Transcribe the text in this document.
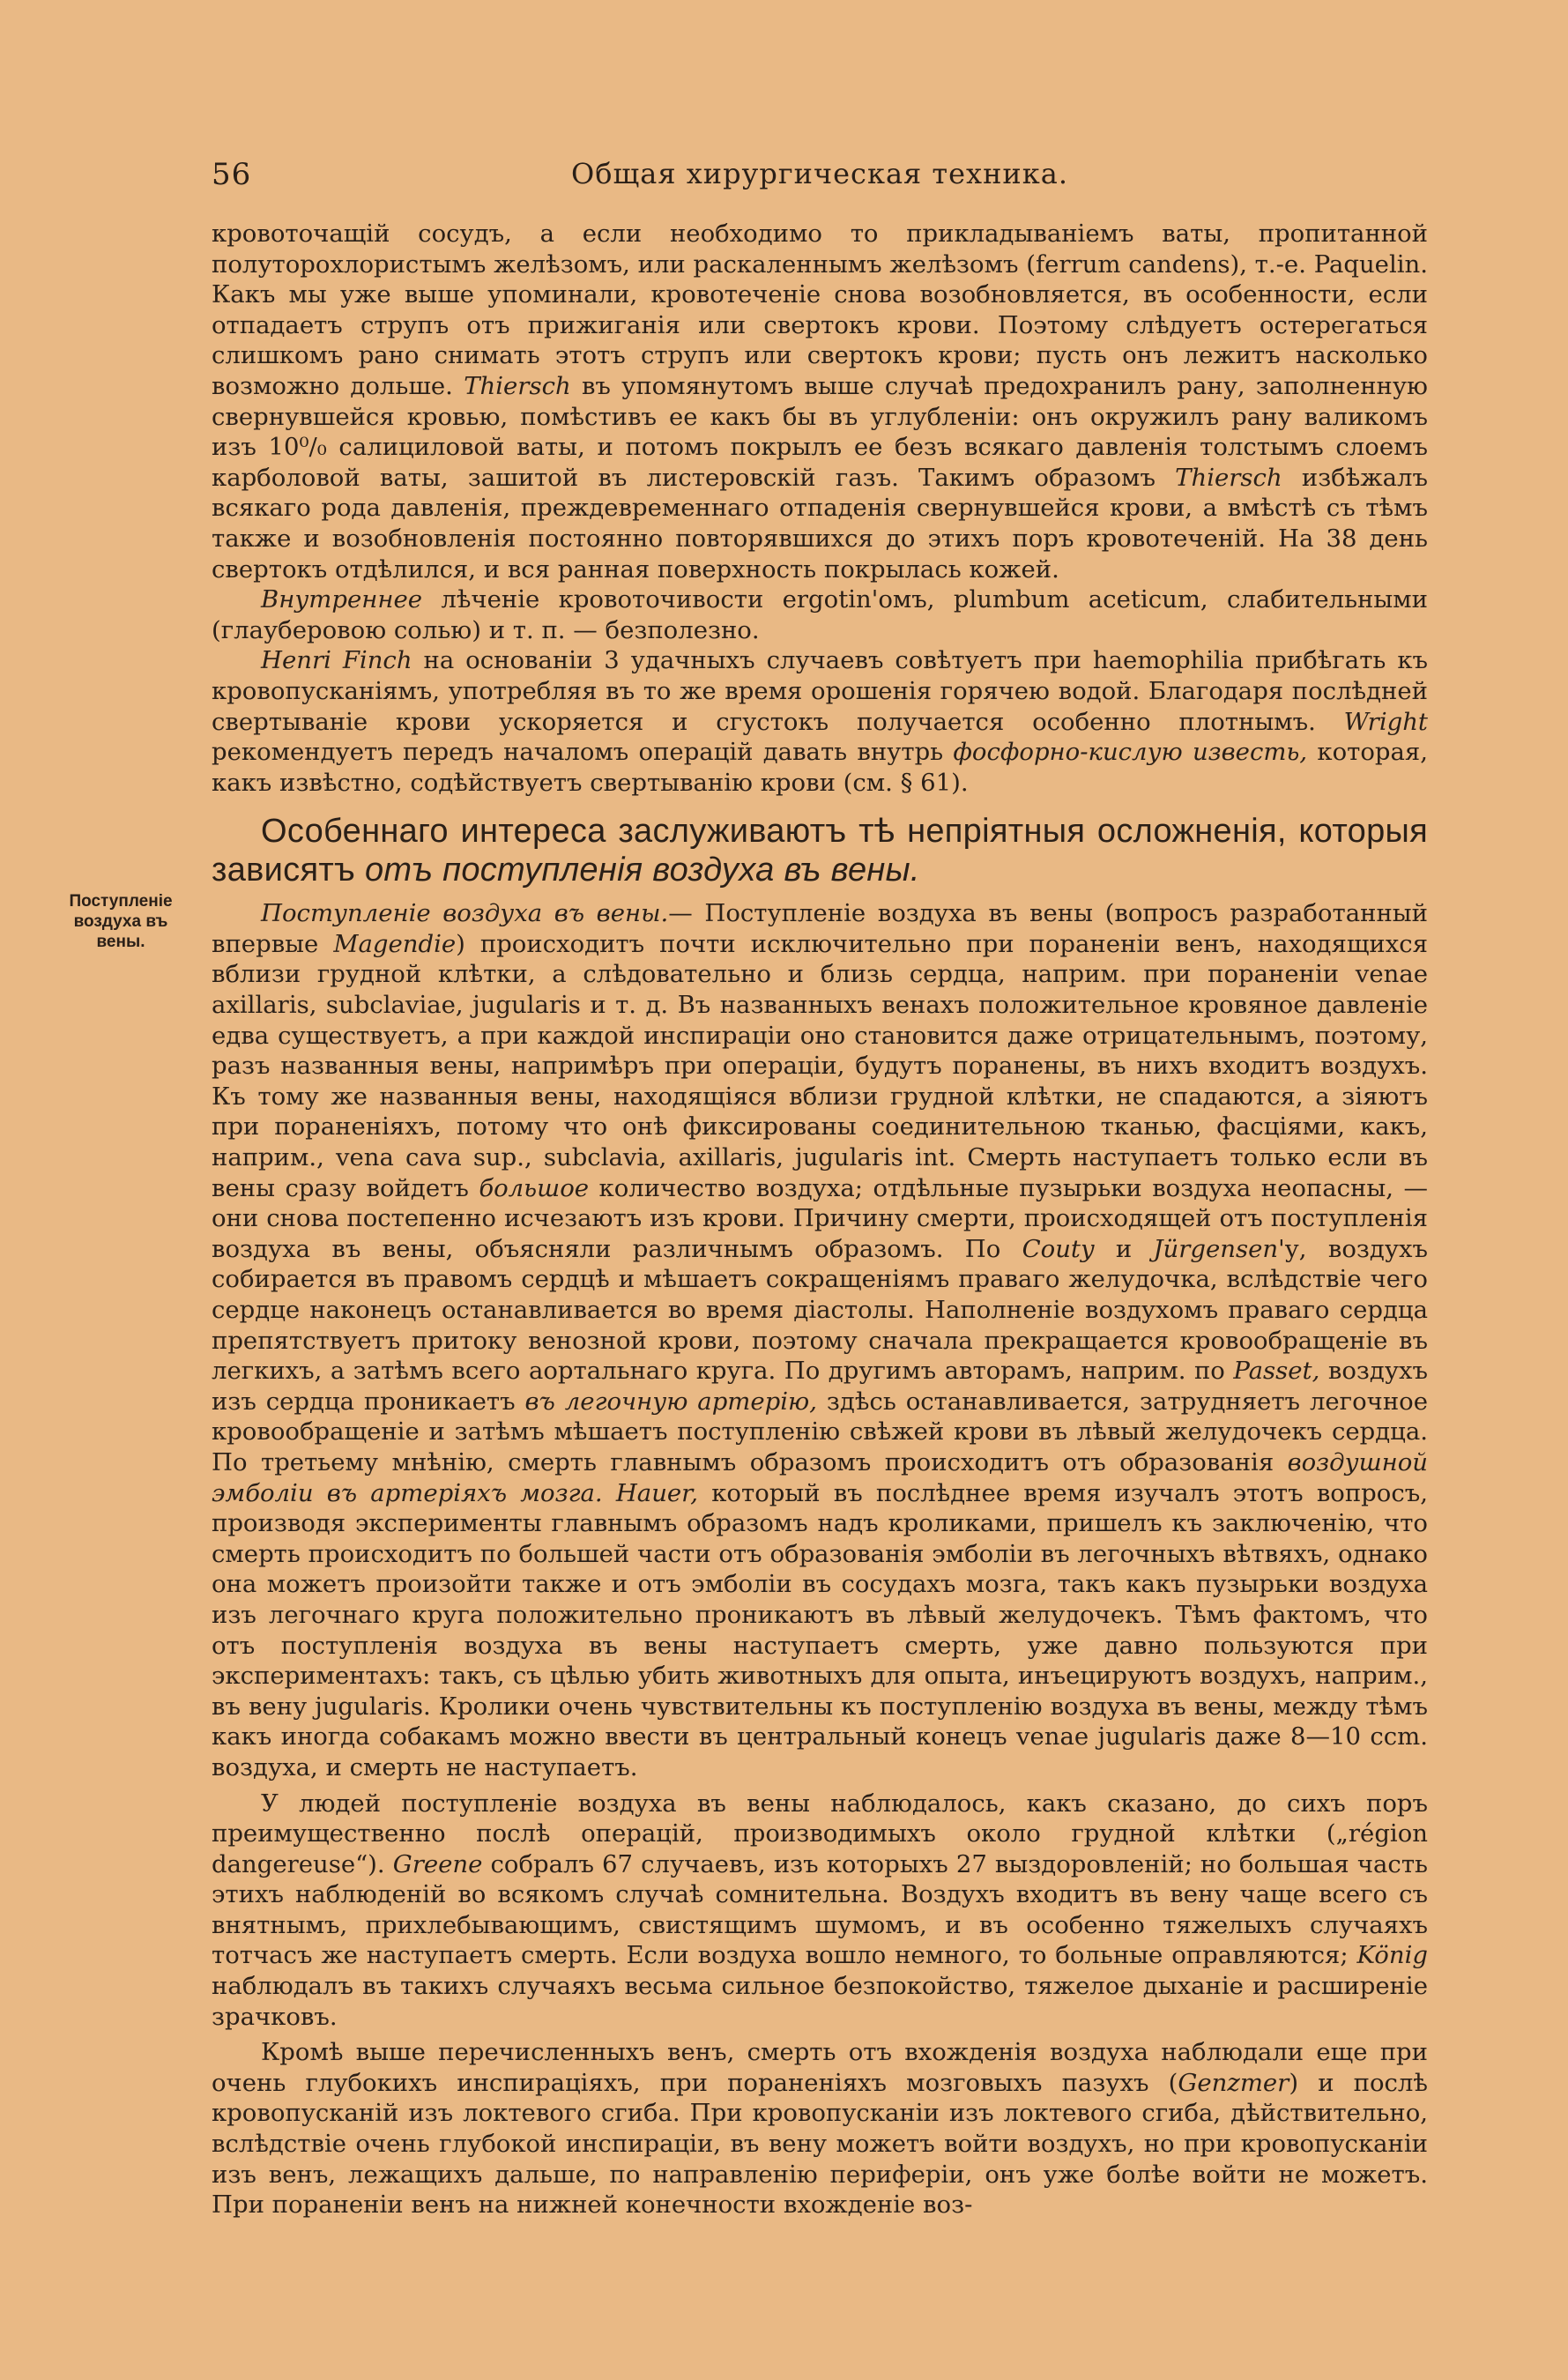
56	Общая хирургическая техника.
Поступленіе воздуха въ вены.

кровоточащій сосудъ, а если необходимо то прикладываніемъ ваты, пропитанной полуторохлористымъ желѣзомъ, или раскаленнымъ желѣзомъ (ferrum candens), т.-е. Paquelin. Какъ мы уже выше упоминали, кровотеченіе снова возобновляется, въ особенности, если отпадаетъ струпъ отъ прижиганія или свертокъ крови. Поэтому слѣдуетъ остерегаться слишкомъ рано снимать этотъ струпъ или свертокъ крови; пусть онъ лежитъ насколько возможно дольше. Thiersch въ упомянутомъ выше случаѣ предохранилъ рану, заполненную свернувшейся кровью, помѣстивъ ее какъ бы въ углубленіи: онъ окружилъ рану валикомъ изъ 10⁰/₀ салициловой ваты, и потомъ покрылъ ее безъ всякаго давленія толстымъ слоемъ карболовой ваты, зашитой въ листеровскій газъ. Такимъ образомъ Thiersch избѣжалъ всякаго рода давленія, преждевременнаго отпаденія свернувшейся крови, а вмѣстѣ съ тѣмъ также и возобновленія постоянно повторявшихся до этихъ поръ кровотеченій. На 38 день свертокъ отдѣлился, и вся ранная поверхность покрылась кожей.

Внутреннее лѣченіе кровоточивости ergotin'омъ, plumbum aceticum, слабительными (глауберовою солью) и т. п. — безполезно.

Henri Finch на основаніи 3 удачныхъ случаевъ совѣтуетъ при haemophilia прибѣгать къ кровопусканіямъ, употребляя въ то же время орошенія горячею водой. Благодаря послѣдней свертываніе крови ускоряется и сгустокъ получается особенно плотнымъ. Wright рекомендуетъ передъ началомъ операцій давать внутрь фосфорно-кислую известь, которая, какъ извѣстно, содѣйствуетъ свертыванію крови (см. § 61).

Особеннаго интереса заслуживаютъ тѣ непріятныя осложненія, которыя зависятъ отъ поступленія воздуха въ вены.

Поступленіе воздуха въ вены.— Поступленіе воздуха въ вены (вопросъ разработанный впервые Magendie) происходитъ почти исключительно при пораненіи венъ, находящихся вблизи грудной клѣтки, а слѣдовательно и близь сердца, наприм. при пораненіи venae axillaris, subclaviae, jugularis и т. д. Въ названныхъ венахъ положительное кровяное давленіе едва существуетъ, а при каждой инспираціи оно становится даже отрицательнымъ, поэтому, разъ названныя вены, напримѣръ при операціи, будутъ поранены, въ нихъ входитъ воздухъ. Къ тому же названныя вены, находящіяся вблизи грудной клѣтки, не спадаются, а зіяютъ при пораненіяхъ, потому что онѣ фиксированы соединительною тканью, фасціями, какъ, наприм., vena cava sup., subclavia, axillaris, jugularis int. Смерть наступаетъ только если въ вены сразу войдетъ большое количество воздуха; отдѣльные пузырьки воздуха неопасны, — они снова постепенно исчезаютъ изъ крови. Причину смерти, происходящей отъ поступленія воздуха въ вены, объясняли различнымъ образомъ. По Couty и Jürgensen'у, воздухъ собирается въ правомъ сердцѣ и мѣшаетъ сокращеніямъ праваго желудочка, вслѣдствіе чего сердце наконецъ останавливается во время діастолы. Наполненіе воздухомъ праваго сердца препятствуетъ притоку венозной крови, поэтому сначала прекращается кровообращеніе въ легкихъ, а затѣмъ всего аортальнаго круга. По другимъ авторамъ, наприм. по Passet, воздухъ изъ сердца проникаетъ въ легочную артерію, здѣсь останавливается, затрудняетъ легочное кровообращеніе и затѣмъ мѣшаетъ поступленію свѣжей крови въ лѣвый желудочекъ сердца. По третьему мнѣнію, смерть главнымъ образомъ происходитъ отъ образованія воздушной эмболіи въ артеріяхъ мозга. Hauer, который въ послѣднее время изучалъ этотъ вопросъ, производя эксперименты главнымъ образомъ надъ кроликами, пришелъ къ заключенію, что смерть происходитъ по большей части отъ образованія эмболіи въ легочныхъ вѣтвяхъ, однако она можетъ произойти также и отъ эмболіи въ сосудахъ мозга, такъ какъ пузырьки воздуха изъ легочнаго круга положительно проникаютъ въ лѣвый желудочекъ. Тѣмъ фактомъ, что отъ поступленія воздуха въ вены наступаетъ смерть, уже давно пользуются при экспериментахъ: такъ, съ цѣлью убить животныхъ для опыта, инъецируютъ воздухъ, наприм., въ вену jugularis. Кролики очень чувствительны къ поступленію воздуха въ вены, между тѣмъ какъ иногда собакамъ можно ввести въ центральный конецъ venae jugularis даже 8—10 ccm. воздуха, и смерть не наступаетъ.

У людей поступленіе воздуха въ вены наблюдалось, какъ сказано, до сихъ поръ преимущественно послѣ операцій, производимыхъ около грудной клѣтки („région dangereuse“). Greene собралъ 67 случаевъ, изъ которыхъ 27 выздоровленій; но большая часть этихъ наблюденій во всякомъ случаѣ сомнительна. Воздухъ входитъ въ вену чаще всего съ внятнымъ, прихлебывающимъ, свистящимъ шумомъ, и въ особенно тяжелыхъ случаяхъ тотчасъ же наступаетъ смерть. Если воздуха вошло немного, то больные оправляются; König наблюдалъ въ такихъ случаяхъ весьма сильное безпокойство, тяжелое дыханіе и расширеніе зрачковъ.

Кромѣ выше перечисленныхъ венъ, смерть отъ вхожденія воздуха наблюдали еще при очень глубокихъ инспираціяхъ, при пораненіяхъ мозговыхъ пазухъ (Genzmer) и послѣ кровопусканій изъ локтевого сгиба. При кровопусканіи изъ локтевого сгиба, дѣйствительно, вслѣдствіе очень глубокой инспираціи, въ вену можетъ войти воздухъ, но при кровопусканіи изъ венъ, лежащихъ дальше, по направленію периферіи, онъ уже болѣе войти не можетъ. При пораненіи венъ на нижней конечности вхожденіе воз-
